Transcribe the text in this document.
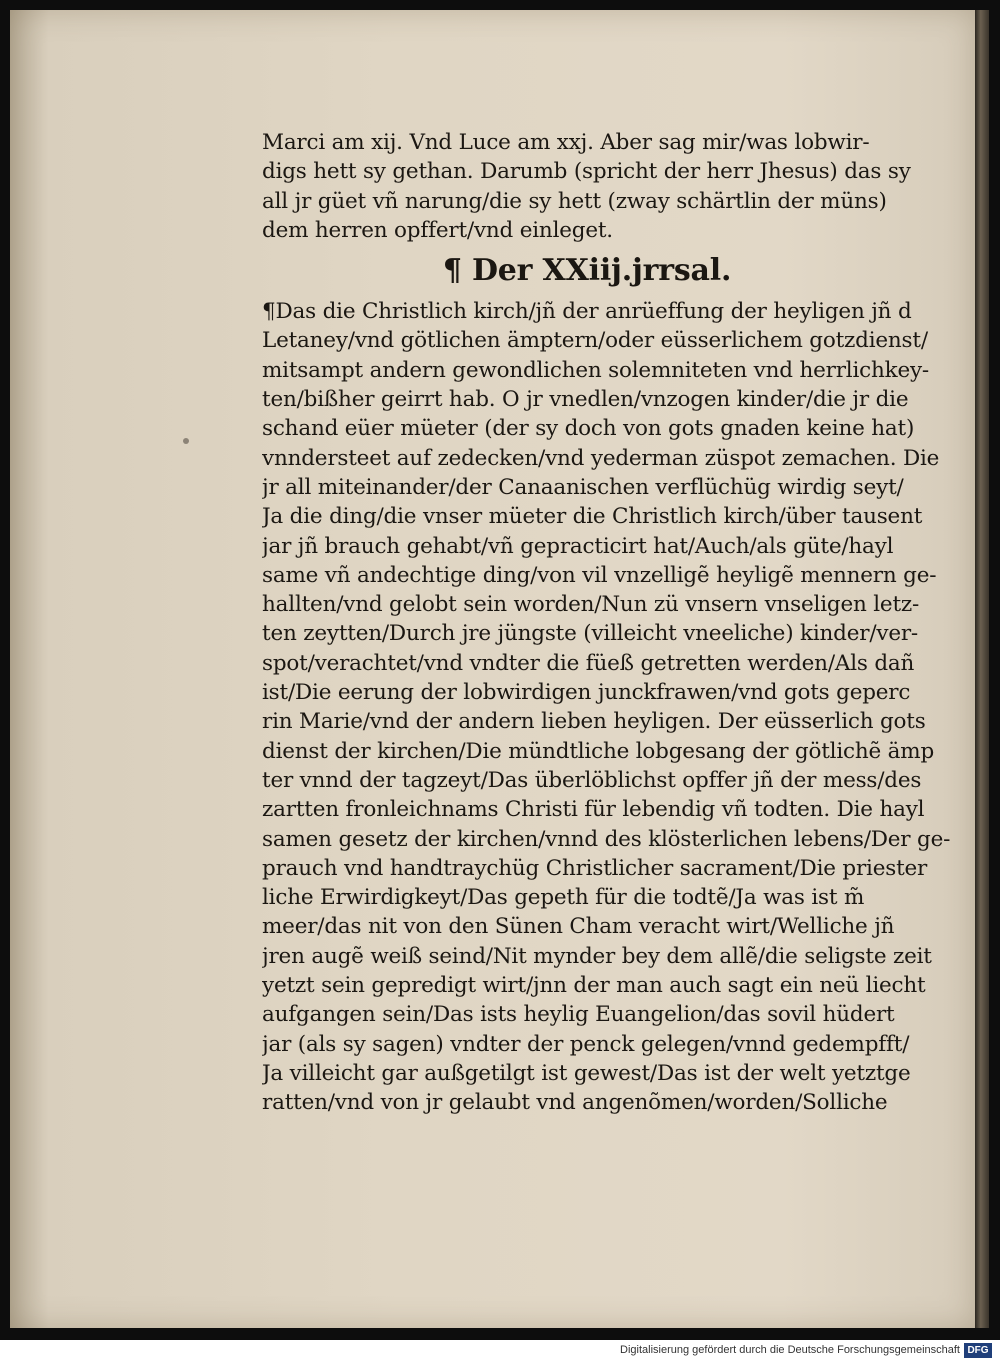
Marci am xij. Vnd Luce am xxj. Aber sag mir/was lobwir-
digs hett sy gethan. Darumb (spricht der herr Jhesus) das sy
all jr güet vñ narung/die sy hett (zway schärtlin der müns)
dem herren opffert/vnd einleget.
¶ Der XXiij.jrrsal.
¶Das die Christlich kirch/jñ der anrüeffung der heyligen jñ d
Letaney/vnd götlichen ämptern/oder eüsserlichem gotzdienst/
mitsampt andern gewondlichen solemniteten vnd herrlichkey-
ten/bißher geirrt hab. O jr vnedlen/vnzogen kinder/die jr die
schand eüer müeter (der sy doch von gots gnaden keine hat)
vnndersteet auf zedecken/vnd yederman züspot zemachen. Die
jr all miteinander/der Canaanischen verflüchüg wirdig seyt/
Ja die ding/die vnser müeter die Christlich kirch/über tausent
jar jñ brauch gehabt/vñ gepracticirt hat/Auch/als güte/hayl
same vñ andechtige ding/von vil vnzelligẽ heyligẽ mennern ge-
hallten/vnd gelobt sein worden/Nun zü vnsern vnseligen letz-
ten zeytten/Durch jre jüngste (villeicht vneeliche) kinder/ver-
spot/verachtet/vnd vndter die füeß getretten werden/Als dañ
ist/Die eerung der lobwirdigen junckfrawen/vnd gots geperc
rin Marie/vnd der andern lieben heyligen. Der eüsserlich gots
dienst der kirchen/Die mündtliche lobgesang der götlichẽ ämp
ter vnnd der tagzeyt/Das überlöblichst opffer jñ der mess/des
zartten fronleichnams Christi für lebendig vñ todten. Die hayl
samen gesetz der kirchen/vnnd des klösterlichen lebens/Der ge-
prauch vnd handtraychüg Christlicher sacrament/Die priester
liche Erwirdigkeyt/Das gepeth für die todtẽ/Ja was ist m̃
meer/das nit von den Sünen Cham veracht wirt/Welliche jñ
jren augẽ weiß seind/Nit mynder bey dem allẽ/die seligste zeit
yetzt sein gepredigt wirt/jnn der man auch sagt ein neü liecht
aufgangen sein/Das ists heylig Euangelion/das sovil hüdert
jar (als sy sagen) vndter der penck gelegen/vnnd gedempfft/
Ja villeicht gar außgetilgt ist gewest/Das ist der welt yetztge
ratten/vnd von jr gelaubt vnd angenõmen/worden/Solliche
Digitalisierung gefördert durch die Deutsche Forschungsgemeinschaft DFG
